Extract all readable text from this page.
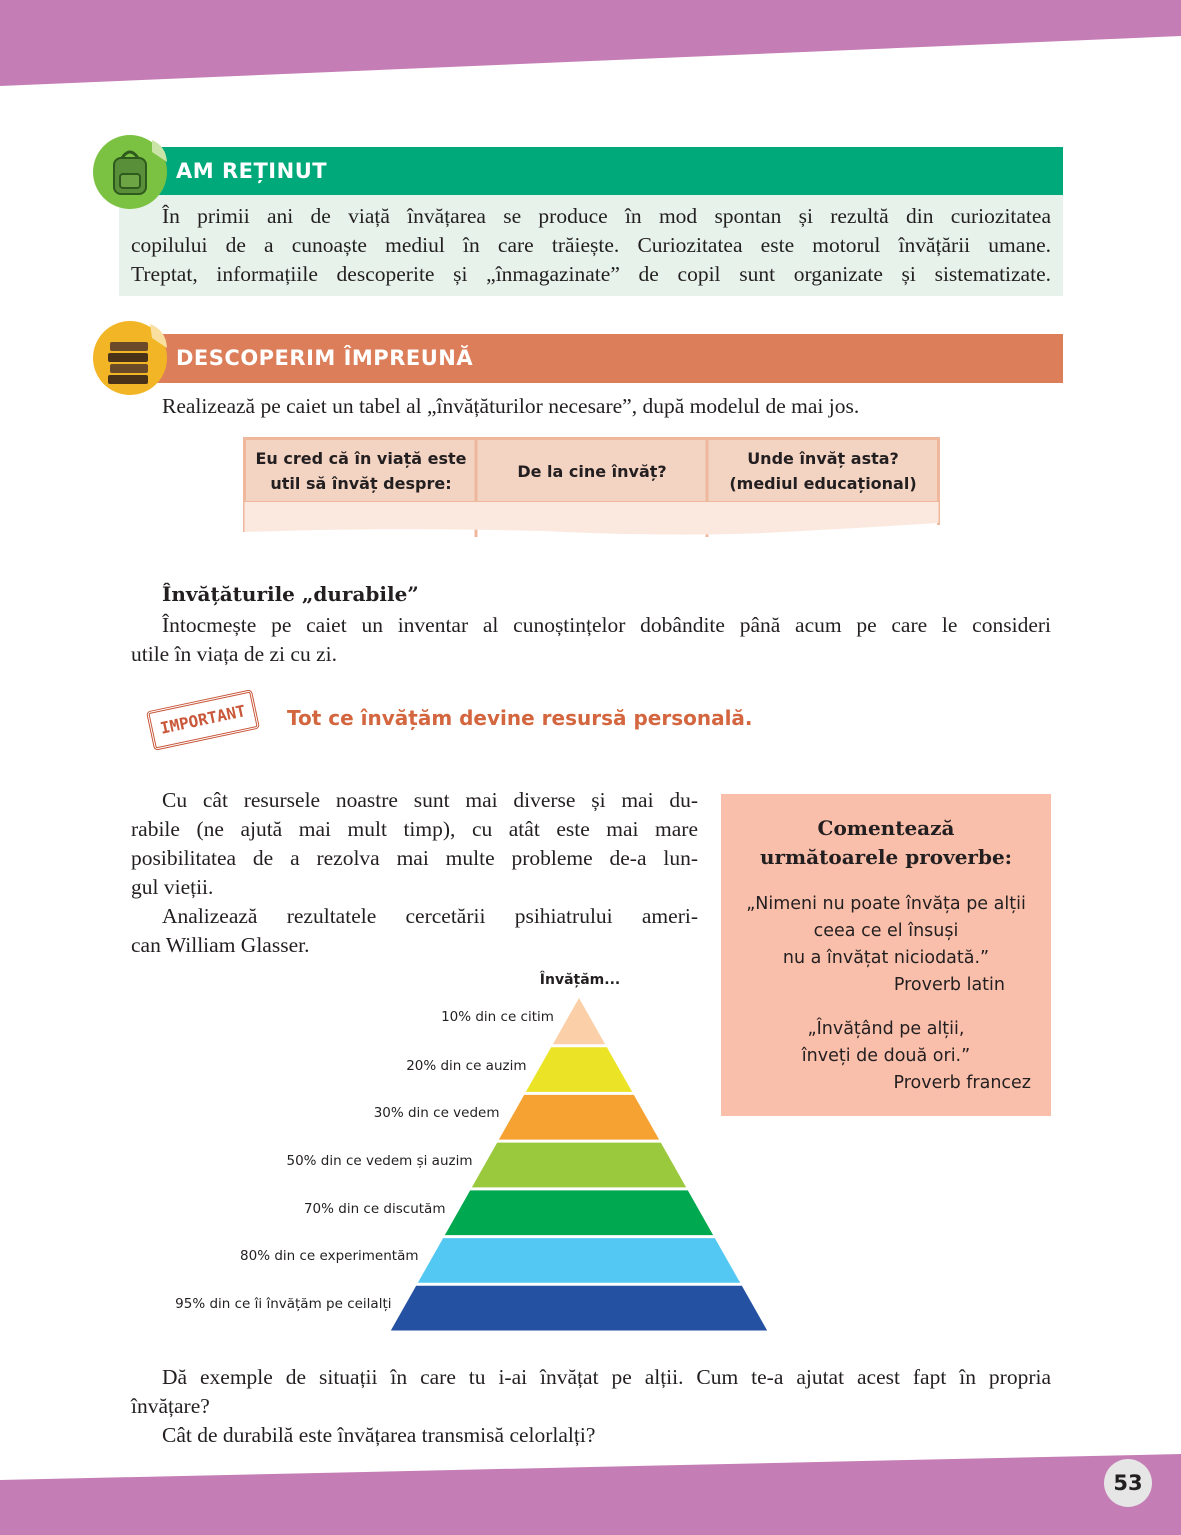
AM REȚINUT
În primii ani de viață învățarea se produce în mod spontan și rezultă din curiozitatea
copilului de a cunoaște mediul în care trăiește. Curiozitatea este motorul învățării umane.
Treptat, informațiile descoperite și „înmagazinate” de copil sunt organizate și sistematizate.
DESCOPERIM ÎMPREUNĂ
Realizează pe caiet un tabel al „învățăturilor necesare”, după modelul de mai jos.
Eu cred că în viață este
util să învăț despre:
De la cine învăț?
Unde învăț asta?
(mediul educațional)
Învățăturile „durabile”
Întocmește pe caiet un inventar al cunoștințelor dobândite până acum pe care le consideri
utile în viața de zi cu zi.
IMPORTANT	Tot ce învățăm devine resursă personală.
Cu cât resursele noastre sunt mai diverse și mai du-
rabile (ne ajută mai mult timp), cu atât este mai mare
posibilitatea de a rezolva mai multe probleme de-a lun-
gul vieții.
Analizează rezultatele cercetării psihiatrului ameri-
can William Glasser.
Comentează
următoarele proverbe:
„Nimeni nu poate învăța pe alții
ceea ce el însuși
nu a învățat niciodată.”
Proverb latin
„Învățând pe alții,
înveți de două ori.”
Proverb francez
Învățăm...
10% din ce citim
20% din ce auzim
30% din ce vedem
50% din ce vedem și auzim
70% din ce discutăm
80% din ce experimentăm
95% din ce îi învățăm pe ceilalți
Dă exemple de situații în care tu i-ai învățat pe alții. Cum te-a ajutat acest fapt în propria
învățare?
Cât de durabilă este învățarea transmisă celorlalți?
53
